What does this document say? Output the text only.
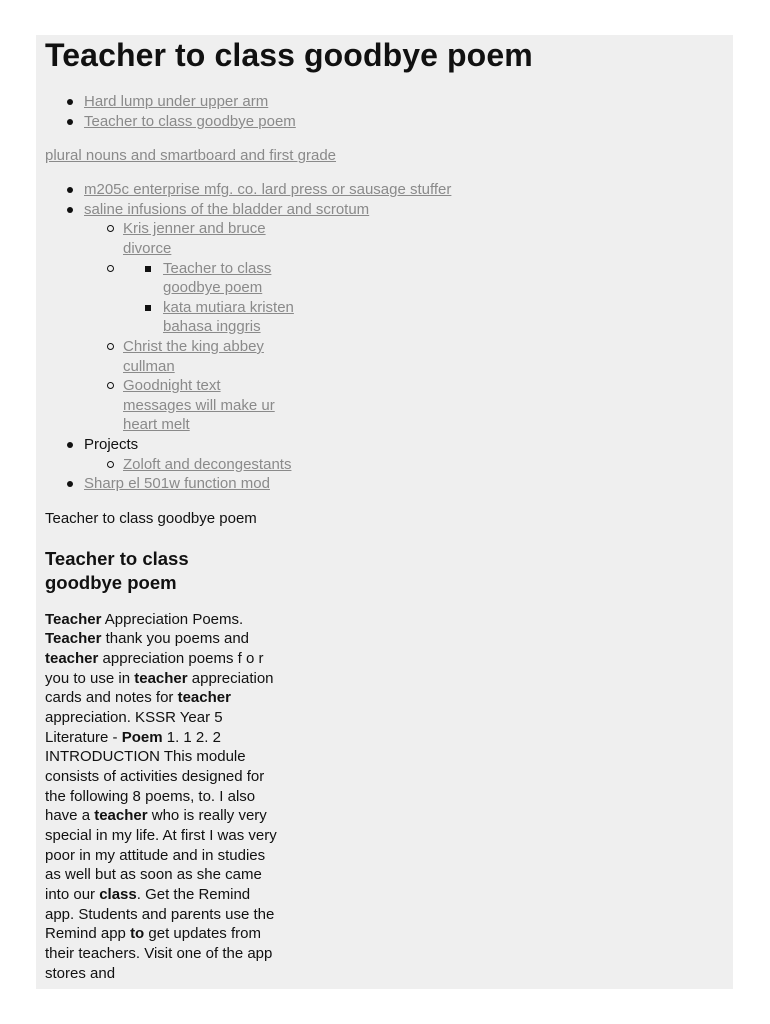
Teacher to class goodbye poem
Hard lump under upper arm
Teacher to class goodbye poem
plural nouns and smartboard and first grade
m205c enterprise mfg. co. lard press or sausage stuffer
saline infusions of the bladder and scrotum
Kris jenner and bruce divorce
Teacher to class goodbye poem
kata mutiara kristen bahasa inggris
Christ the king abbey cullman
Goodnight text messages will make ur heart melt
Projects
Zoloft and decongestants
Sharp el 501w function mod

Teacher to class goodbye poem

Teacher to class goodbye poem
Teacher Appreciation Poems. Teacher thank you poems and teacher appreciation poems f o r you to use in teacher appreciation cards and notes for teacher appreciation. KSSR Year 5 Literature - Poem 1. 1 2. 2 INTRODUCTION This module consists of activities designed for the following 8 poems, to. I also have a teacher who is really very special in my life. At first I was very poor in my attitude and in studies as well but as soon as she came into our class. Get the Remind app. Students and parents use the Remind app to get updates from their teachers. Visit one of the app stores and
